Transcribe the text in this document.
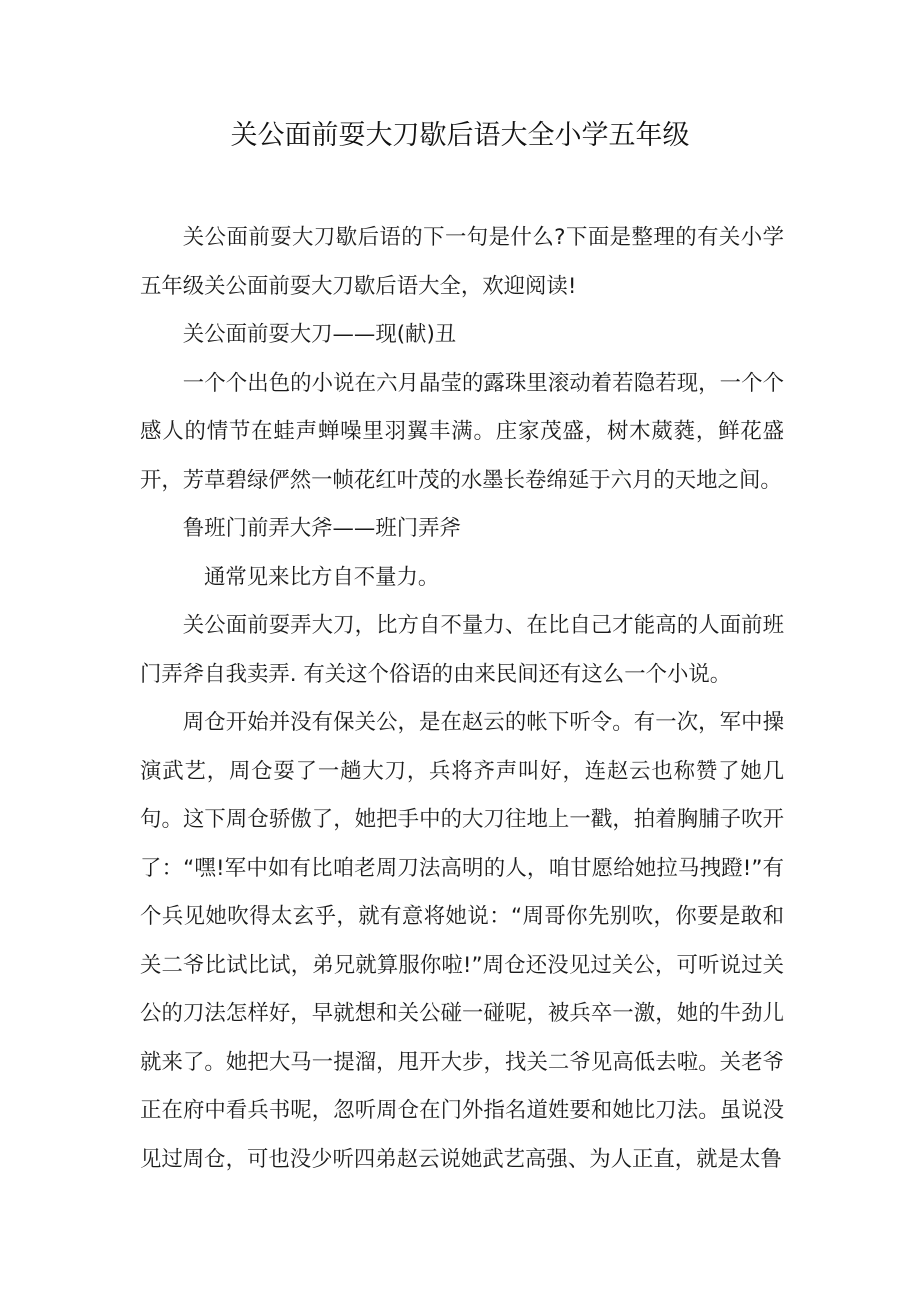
关公面前耍大刀歇后语大全小学五年级

关公面前耍大刀歇后语的下一句是什么?下面是整理的有关小学五年级关公面前耍大刀歇后语大全，欢迎阅读!

关公面前耍大刀——现(献)丑

一个个出色的小说在六月晶莹的露珠里滚动着若隐若现，一个个感人的情节在蛙声蝉噪里羽翼丰满。庄家茂盛，树木葳蕤，鲜花盛开，芳草碧绿俨然一帧花红叶茂的水墨长卷绵延于六月的天地之间。

鲁班门前弄大斧——班门弄斧

通常见来比方自不量力。

关公面前耍弄大刀，比方自不量力、在比自己才能高的人面前班门弄斧自我卖弄. 有关这个俗语的由来民间还有这么一个小说。

周仓开始并没有保关公，是在赵云的帐下听令。有一次，军中操演武艺，周仓耍了一趟大刀，兵将齐声叫好，连赵云也称赞了她几句。这下周仓骄傲了，她把手中的大刀往地上一戳，拍着胸脯子吹开了：“嘿!军中如有比咱老周刀法高明的人，咱甘愿给她拉马拽蹬!”有个兵见她吹得太玄乎，就有意将她说：“周哥你先别吹，你要是敢和关二爷比试比试，弟兄就算服你啦!”周仓还没见过关公，可听说过关公的刀法怎样好，早就想和关公碰一碰呢，被兵卒一激，她的牛劲儿就来了。她把大马一提溜，甩开大步，找关二爷见高低去啦。关老爷正在府中看兵书呢，忽听周仓在门外指名道姓要和她比刀法。虽说没见过周仓，可也没少听四弟赵云说她武艺高强、为人正直，就是太鲁
